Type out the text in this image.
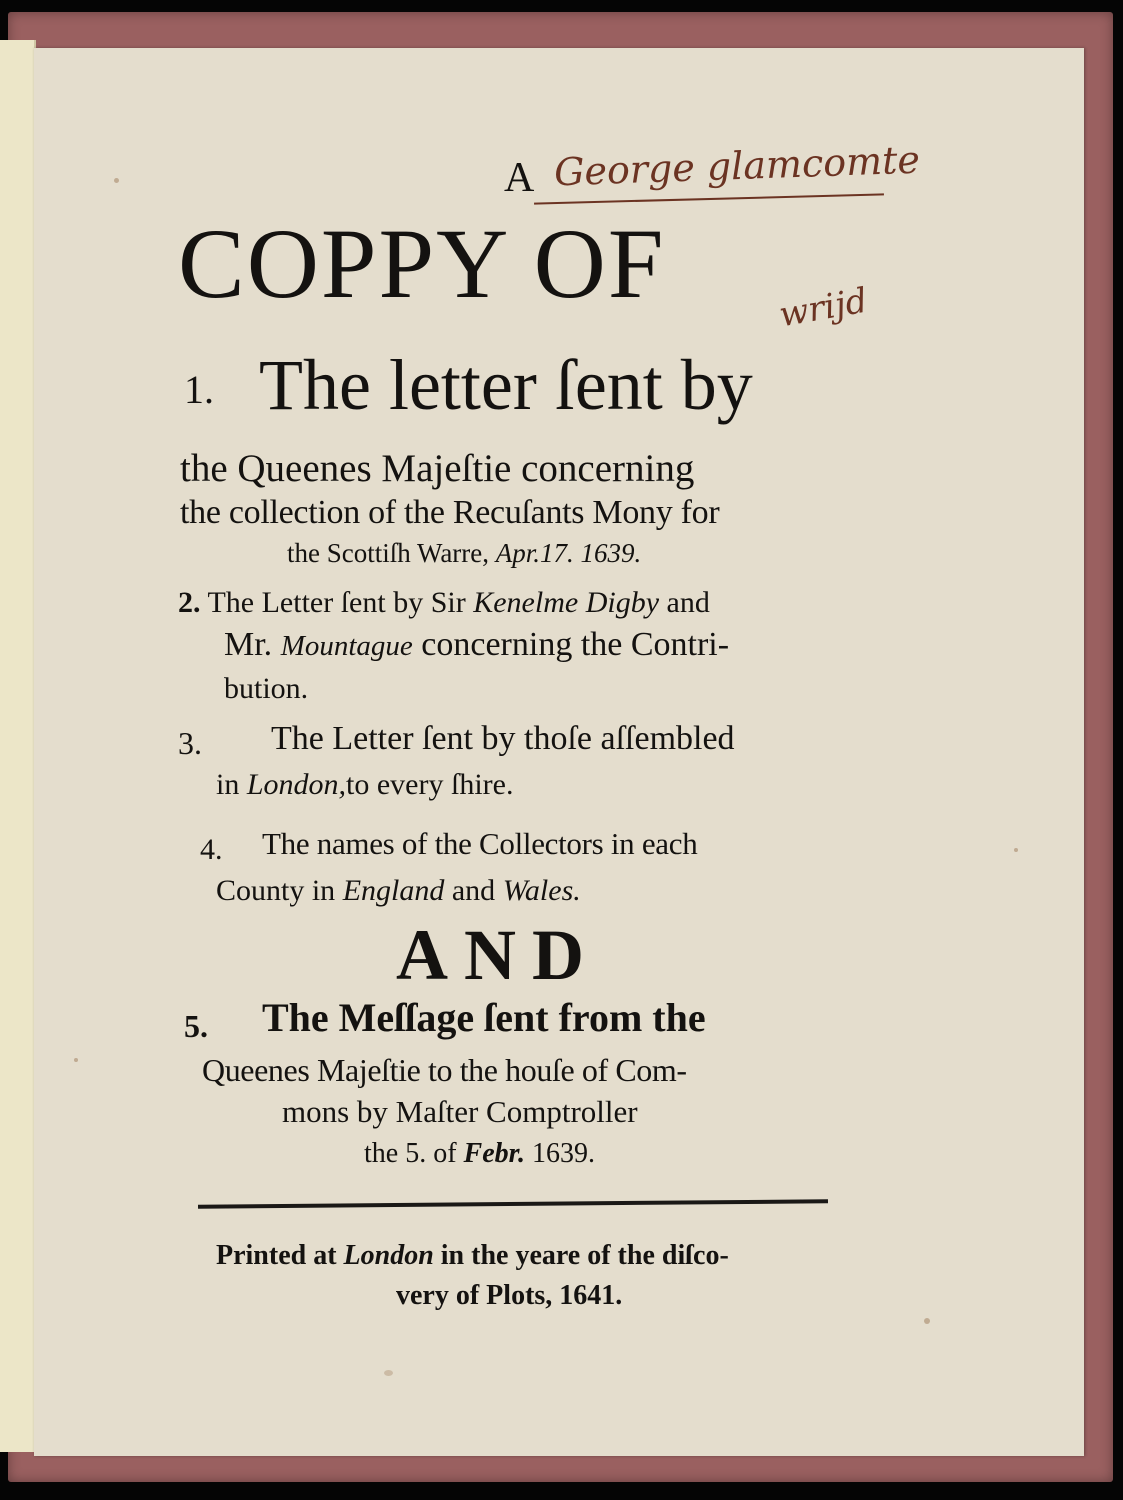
George glamcomte
wrijd
A
COPPY OF
1. The letter ſent by
the Queenes Majeſtie concerning
the collection of the Recuſants Mony for
the Scottiſh Warre, Apr.17. 1639.
2. The Letter ſent by Sir Kenelme Digby and
Mr. Mountague concerning the Contri-
bution.
3. The Letter ſent by thoſe aſſembled
in London,to every ſhire.
4. The names of the Collectors in each
County in England and Wales.
AND
5. The Meſſage ſent from the
Queenes Majeſtie to the houſe of Com-
mons by Maſter Comptroller
the 5. of Febr. 1639.
Printed at London in the yeare of the diſco-
very of Plots, 1641.
